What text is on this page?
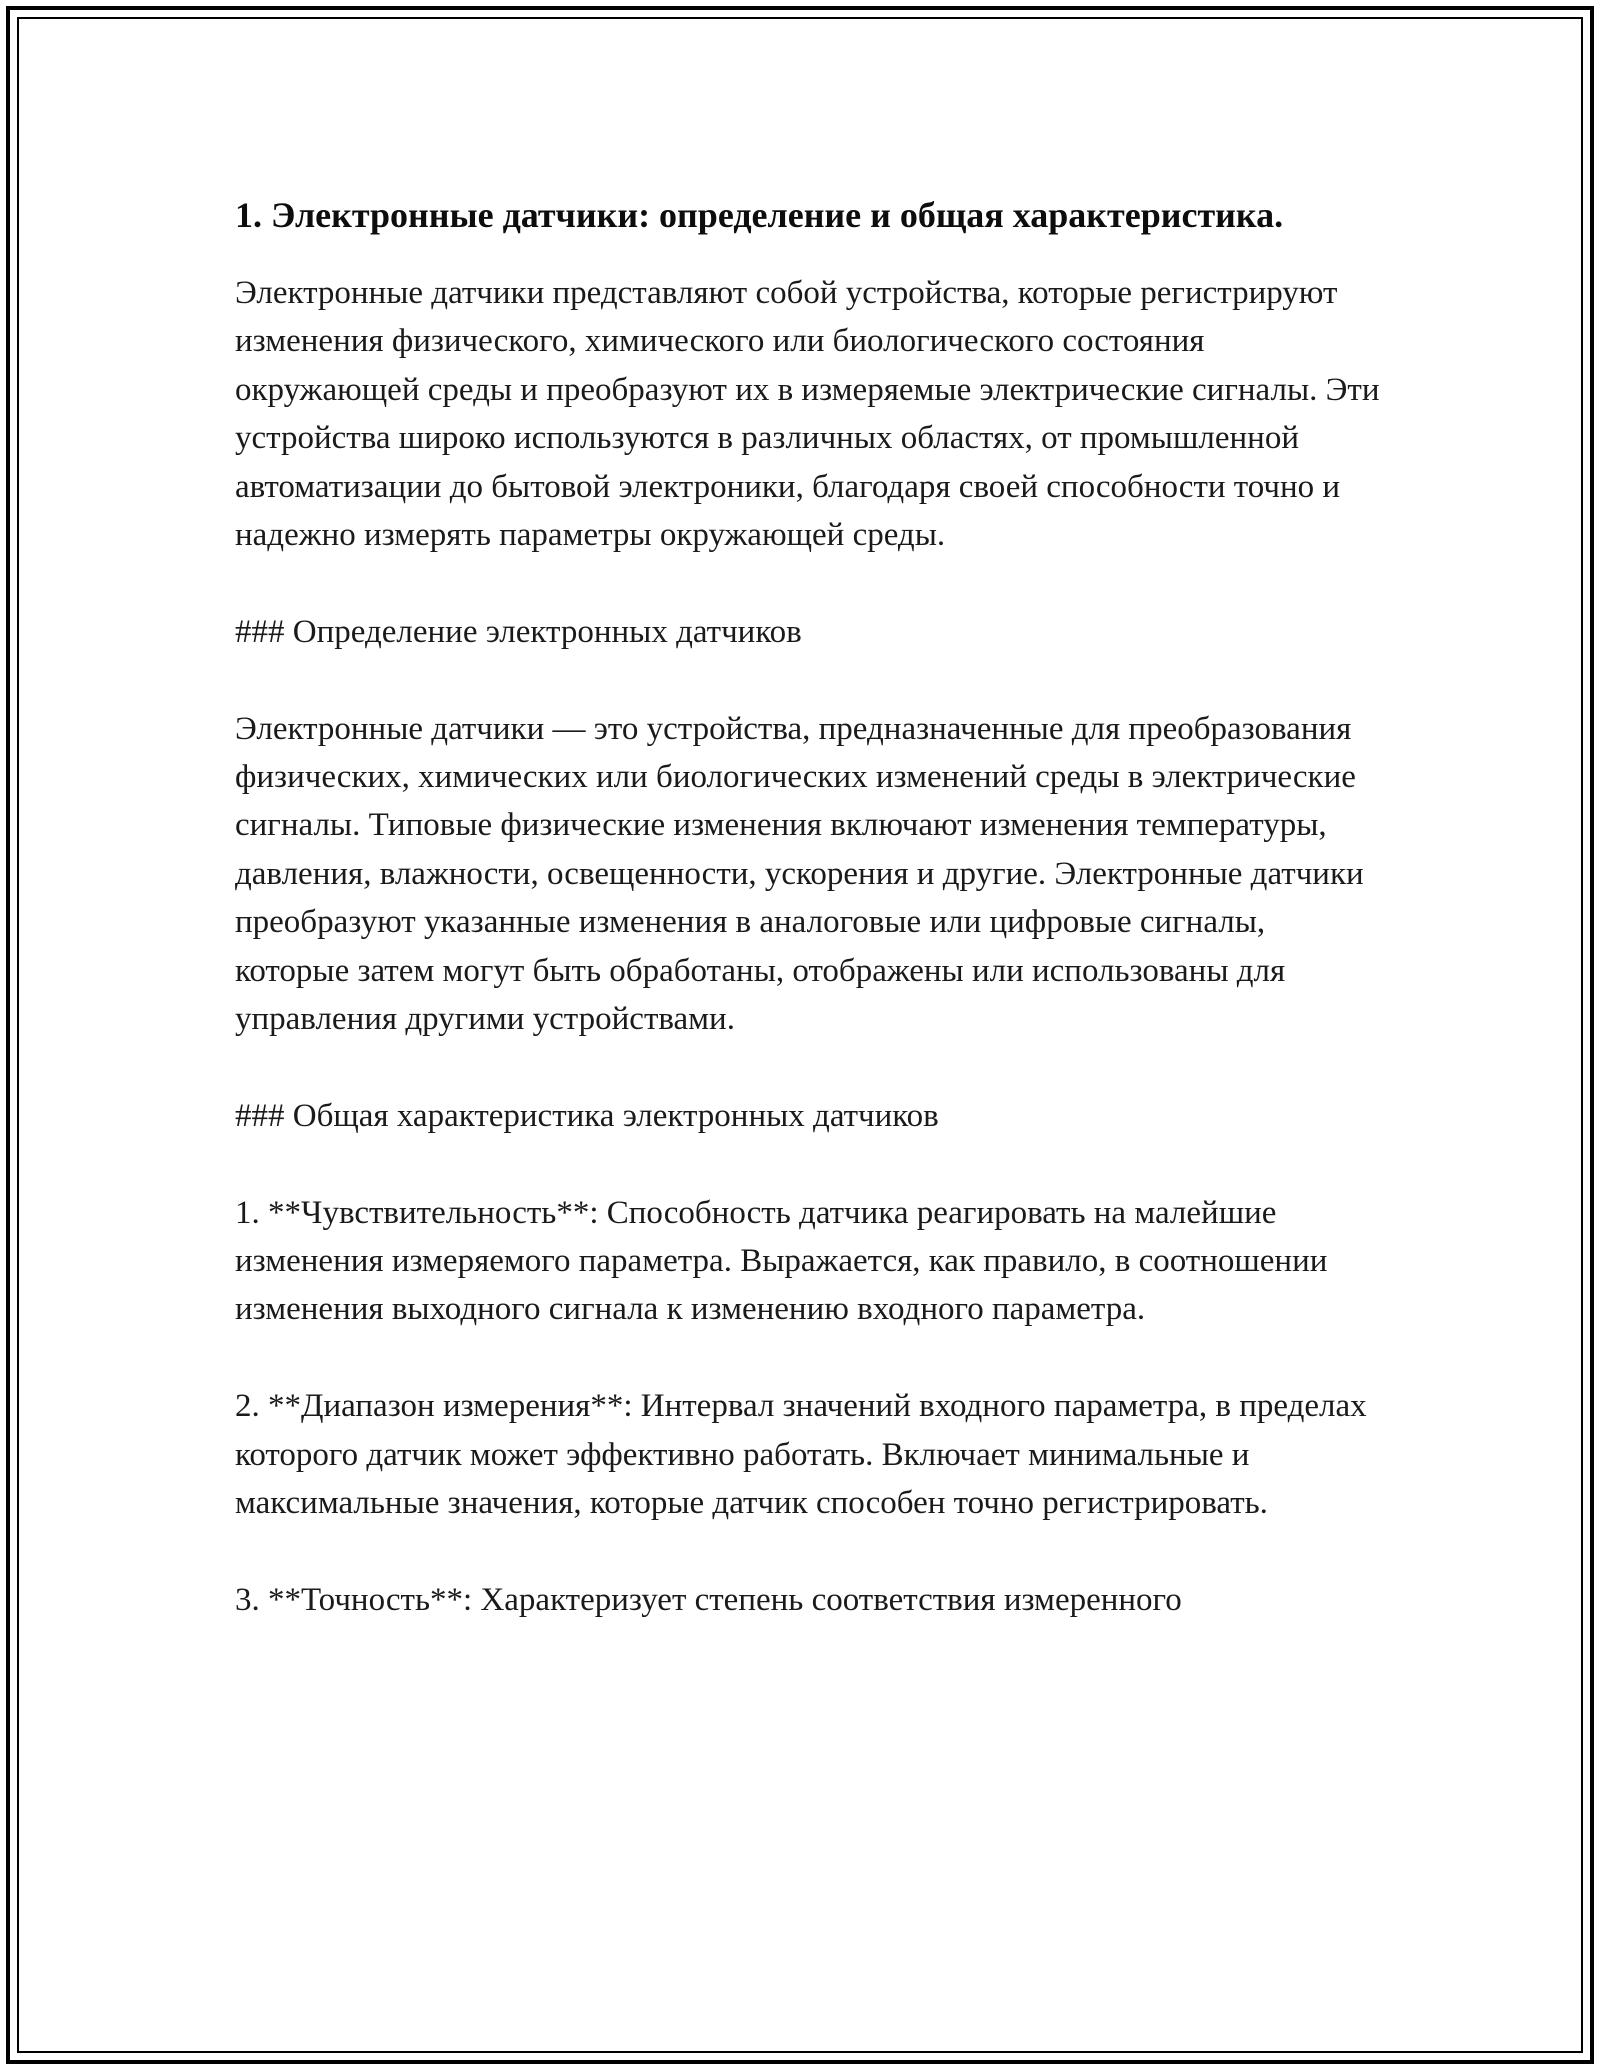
1. Электронные датчики: определение и общая характеристика.

Электронные датчики представляют собой устройства, которые регистрируют изменения физического, химического или биологического состояния окружающей среды и преобразуют их в измеряемые электрические сигналы. Эти устройства широко используются в различных областях, от промышленной автоматизации до бытовой электроники, благодаря своей способности точно и надежно измерять параметры окружающей среды.

### Определение электронных датчиков

Электронные датчики — это устройства, предназначенные для преобразования физических, химических или биологических изменений среды в электрические сигналы. Типовые физические изменения включают изменения температуры, давления, влажности, освещенности, ускорения и другие. Электронные датчики преобразуют указанные изменения в аналоговые или цифровые сигналы, которые затем могут быть обработаны, отображены или использованы для управления другими устройствами.

### Общая характеристика электронных датчиков

1. **Чувствительность**: Способность датчика реагировать на малейшие изменения измеряемого параметра. Выражается, как правило, в соотношении изменения выходного сигнала к изменению входного параметра.

2. **Диапазон измерения**: Интервал значений входного параметра, в пределах которого датчик может эффективно работать. Включает минимальные и максимальные значения, которые датчик способен точно регистрировать.

3. **Точность**: Характеризует степень соответствия измеренного
